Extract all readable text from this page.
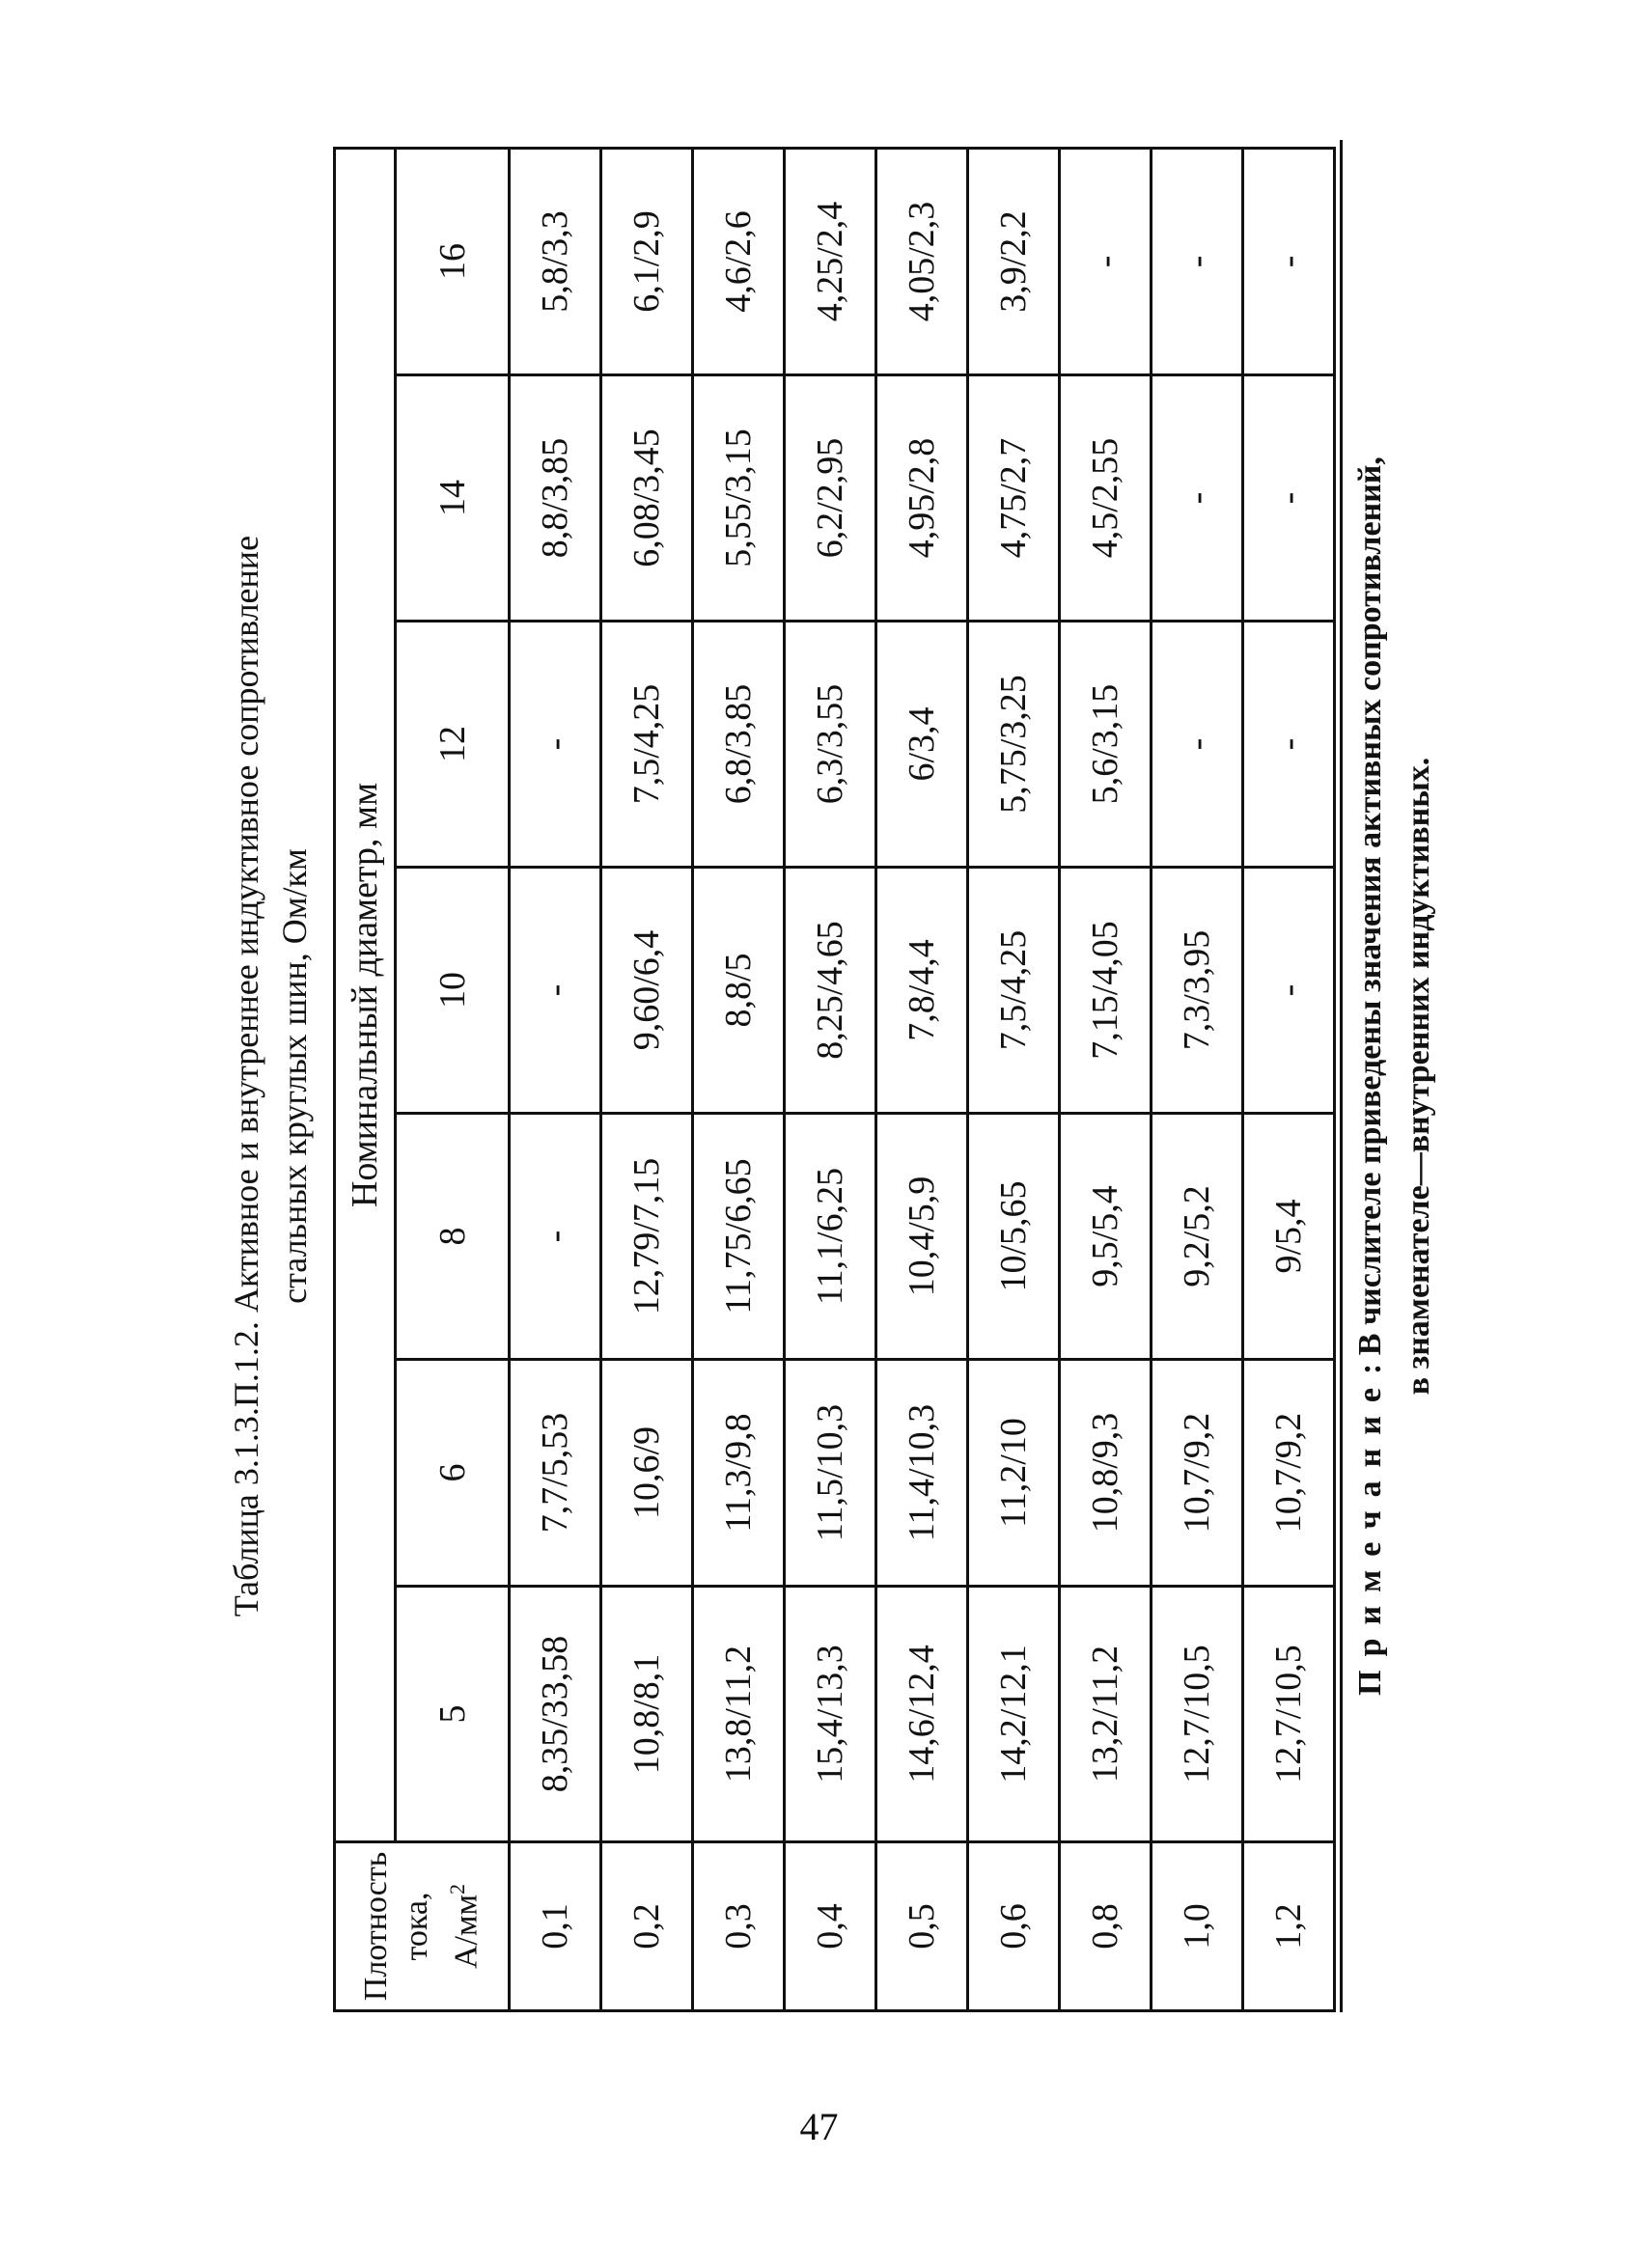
Таблица 3.1.3.П.1.2. Активное и внутреннее индуктивное сопротивление стальных круглых шин, Ом/км
Плотность тока, $А/мм^2$	Номинальный диаметр, мм						
	5	6	8	10	12	14	16
0,1	8,35/33,58	7,7/5,53	-	-	-	8,8/3,85	5,8/3,3
0,2	10,8/8,1	10,6/9	12,79/7,15	9,60/6,4	7,5/4,25	6,08/3,45	6,1/2,9
0,3	13,8/11,2	11,3/9,8	11,75/6,65	8,8/5	6,8/3,85	5,55/3,15	4,6/2,6
0,4	15,4/13,3	11,5/10,3	11,1/6,25	8,25/4,65	6,3/3,55	6,2/2,95	4,25/2,4
0,5	14,6/12,4	11,4/10,3	10,4/5,9	7,8/4,4	6/3,4	4,95/2,8	4,05/2,3
0,6	14,2/12,1	11,2/10	10/5,65	7,5/4,25	5,75/3,25	4,75/2,7	3,9/2,2
0,8	13,2/11,2	10,8/9,3	9,5/5,4	7,15/4,05	5,6/3,15	4,5/2,55	-
1,0	12,7/10,5	10,7/9,2	9,2/5,2	7,3/3,95	-	-	-
1,2	12,7/10,5	10,7/9,2	9/5,4	-	-	-	-
Примечание: В числителе приведены значения активных сопротивлений, в знаменателе—внутренних индуктивных.
47
